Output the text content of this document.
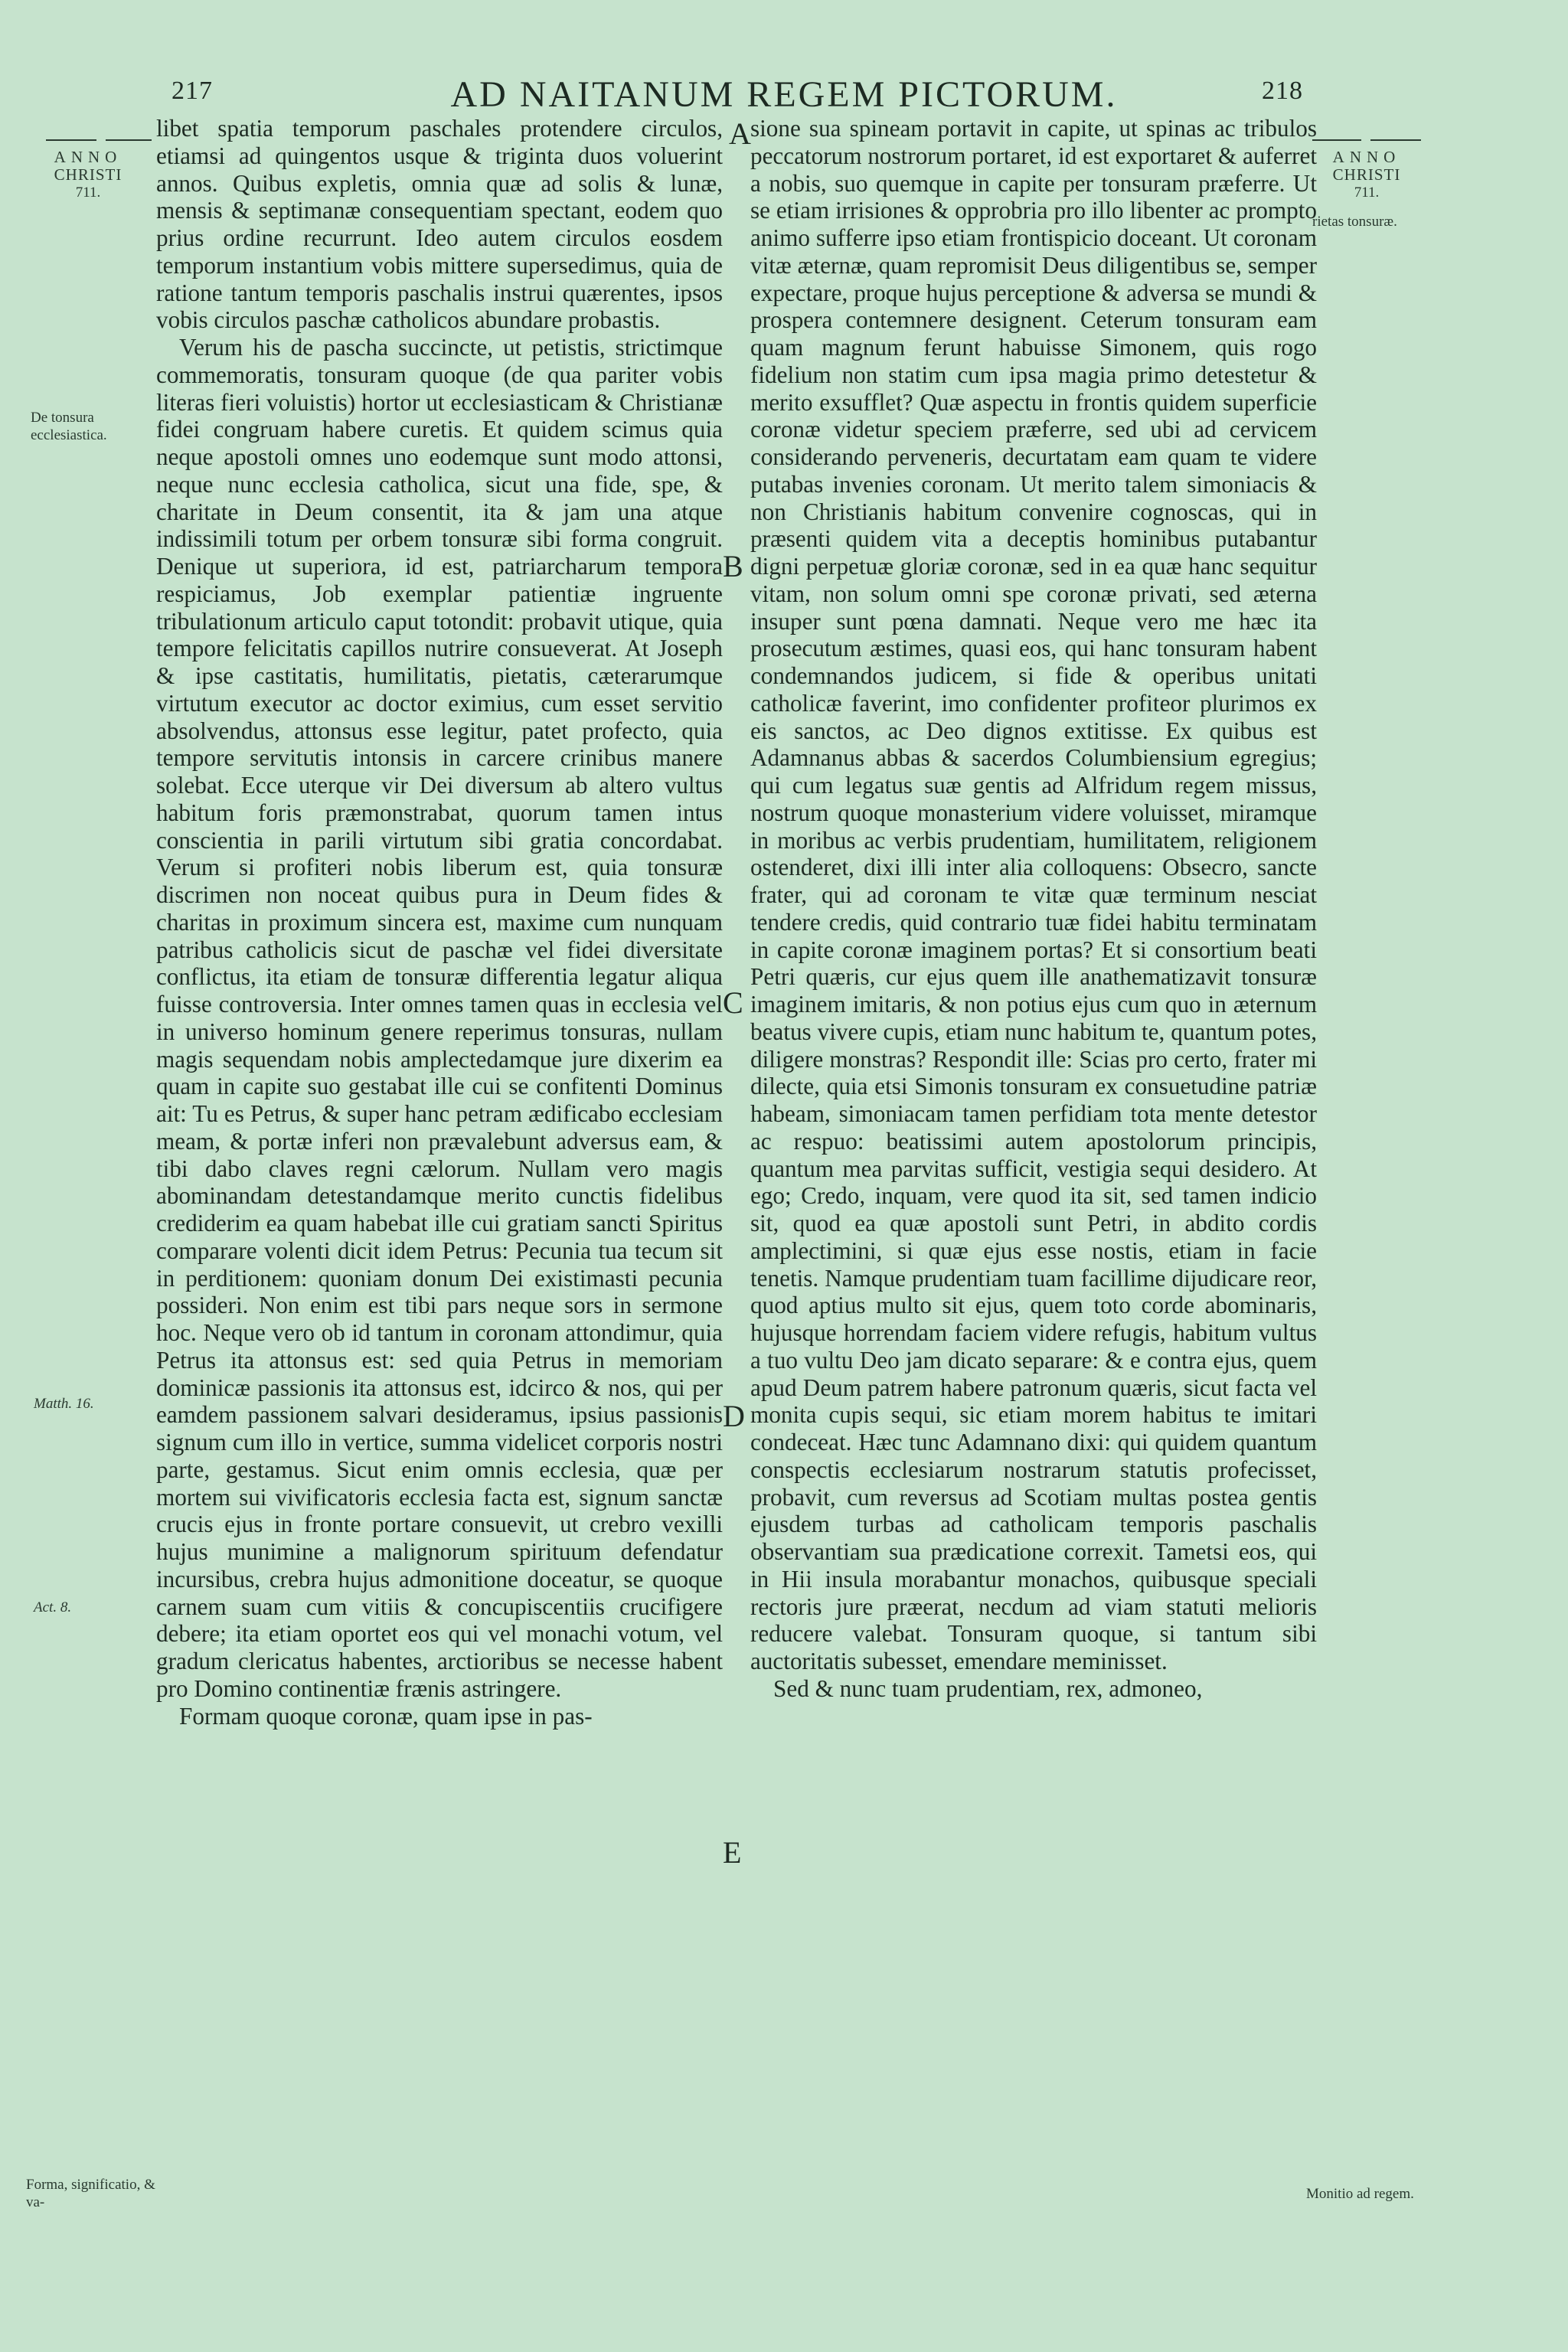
217	AD NAITANUM REGEM PICTORUM.	218
ANNO
CHRISTI
711.
De tonsura ecclesiastica.
Matth. 16.
Act. 8.
Forma, significatio, & va-
ANNO
CHRISTI
711.
rietas tonsuræ.
Monitio ad regem.
A
B
C
D
E

libet spatia temporum paschales protendere circulos, etiamsi ad quingentos usque & triginta duos voluerint annos. Quibus expletis, omnia quæ ad solis & lunæ, mensis & septimanæ consequentiam spectant, eodem quo prius ordine recurrunt. Ideo autem circulos eosdem temporum instantium vobis mittere supersedimus, quia de ratione tantum temporis paschalis instrui quærentes, ipsos vobis circulos paschæ catholicos abundare probastis.

Verum his de pascha succincte, ut petistis, strictimque commemoratis, tonsuram quoque (de qua pariter vobis literas fieri voluistis) hortor ut ecclesiasticam & Christianæ fidei congruam habere curetis. Et quidem scimus quia neque apostoli omnes uno eodemque sunt modo attonsi, neque nunc ecclesia catholica, sicut una fide, spe, & charitate in Deum consentit, ita & jam una atque indissimili totum per orbem tonsuræ sibi forma congruit. Denique ut superiora, id est, patriarcharum tempora respiciamus, Job exemplar patientiæ ingruente tribulationum articulo caput totondit: probavit utique, quia tempore felicitatis capillos nutrire consueverat. At Joseph & ipse castitatis, humilitatis, pietatis, cæterarumque virtutum executor ac doctor eximius, cum esset servitio absolvendus, attonsus esse legitur, patet profecto, quia tempore servitutis intonsis in carcere crinibus manere solebat. Ecce uterque vir Dei diversum ab altero vultus habitum foris præmonstrabat, quorum tamen intus conscientia in parili virtutum sibi gratia concordabat. Verum si profiteri nobis liberum est, quia tonsuræ discrimen non noceat quibus pura in Deum fides & charitas in proximum sincera est, maxime cum nunquam patribus catholicis sicut de paschæ vel fidei diversitate conflictus, ita etiam de tonsuræ differentia legatur aliqua fuisse controversia. Inter omnes tamen quas in ecclesia vel in universo hominum genere reperimus tonsuras, nullam magis sequendam nobis amplectedamque jure dixerim ea quam in capite suo gestabat ille cui se confitenti Dominus ait: Tu es Petrus, & super hanc petram ædificabo ecclesiam meam, & portæ inferi non prævalebunt adversus eam, & tibi dabo claves regni cælorum. Nullam vero magis abominandam detestandamque merito cunctis fidelibus crediderim ea quam habebat ille cui gratiam sancti Spiritus comparare volenti dicit idem Petrus: Pecunia tua tecum sit in perditionem: quoniam donum Dei existimasti pecunia possideri. Non enim est tibi pars neque sors in sermone hoc. Neque vero ob id tantum in coronam attondimur, quia Petrus ita attonsus est: sed quia Petrus in memoriam dominicæ passionis ita attonsus est, idcirco & nos, qui per eamdem passionem salvari desideramus, ipsius passionis signum cum illo in vertice, summa videlicet corporis nostri parte, gestamus. Sicut enim omnis ecclesia, quæ per mortem sui vivificatoris ecclesia facta est, signum sanctæ crucis ejus in fronte portare consuevit, ut crebro vexilli hujus munimine a malignorum spirituum defendatur incursibus, crebra hujus admonitione doceatur, se quoque carnem suam cum vitiis & concupiscentiis crucifigere debere; ita etiam oportet eos qui vel monachi votum, vel gradum clericatus habentes, arctioribus se necesse habent pro Domino continentiæ frænis astringere.

Formam quoque coronæ, quam ipse in pas-

sione sua spineam portavit in capite, ut spinas ac tribulos peccatorum nostrorum portaret, id est exportaret & auferret a nobis, suo quemque in capite per tonsuram præferre. Ut se etiam irrisiones & opprobria pro illo libenter ac prompto animo sufferre ipso etiam frontispicio doceant. Ut coronam vitæ æternæ, quam repromisit Deus diligentibus se, semper expectare, proque hujus perceptione & adversa se mundi & prospera contemnere designent. Ceterum tonsuram eam quam magnum ferunt habuisse Simonem, quis rogo fidelium non statim cum ipsa magia primo detestetur & merito exsufflet? Quæ aspectu in frontis quidem superficie coronæ videtur speciem præferre, sed ubi ad cervicem considerando perveneris, decurtatam eam quam te videre putabas invenies coronam. Ut merito talem simoniacis & non Christianis habitum convenire cognoscas, qui in præsenti quidem vita a deceptis hominibus putabantur digni perpetuæ gloriæ coronæ, sed in ea quæ hanc sequitur vitam, non solum omni spe coronæ privati, sed æterna insuper sunt pœna damnati. Neque vero me hæc ita prosecutum æstimes, quasi eos, qui hanc tonsuram habent condemnandos judicem, si fide & operibus unitati catholicæ faverint, imo confidenter profiteor plurimos ex eis sanctos, ac Deo dignos extitisse. Ex quibus est Adamnanus abbas & sacerdos Columbiensium egregius; qui cum legatus suæ gentis ad Alfridum regem missus, nostrum quoque monasterium videre voluisset, miramque in moribus ac verbis prudentiam, humilitatem, religionem ostenderet, dixi illi inter alia colloquens: Obsecro, sancte frater, qui ad coronam te vitæ quæ terminum nesciat tendere credis, quid contrario tuæ fidei habitu terminatam in capite coronæ imaginem portas? Et si consortium beati Petri quæris, cur ejus quem ille anathematizavit tonsuræ imaginem imitaris, & non potius ejus cum quo in æternum beatus vivere cupis, etiam nunc habitum te, quantum potes, diligere monstras? Respondit ille: Scias pro certo, frater mi dilecte, quia etsi Simonis tonsuram ex consuetudine patriæ habeam, simoniacam tamen perfidiam tota mente detestor ac respuo: beatissimi autem apostolorum principis, quantum mea parvitas sufficit, vestigia sequi desidero. At ego; Credo, inquam, vere quod ita sit, sed tamen indicio sit, quod ea quæ apostoli sunt Petri, in abdito cordis amplectimini, si quæ ejus esse nostis, etiam in facie tenetis. Namque prudentiam tuam facillime dijudicare reor, quod aptius multo sit ejus, quem toto corde abominaris, hujusque horrendam faciem videre refugis, habitum vultus a tuo vultu Deo jam dicato separare: & e contra ejus, quem apud Deum patrem habere patronum quæris, sicut facta vel monita cupis sequi, sic etiam morem habitus te imitari condeceat. Hæc tunc Adamnano dixi: qui quidem quantum conspectis ecclesiarum nostrarum statutis profecisset, probavit, cum reversus ad Scotiam multas postea gentis ejusdem turbas ad catholicam temporis paschalis observantiam sua prædicatione correxit. Tametsi eos, qui in Hii insula morabantur monachos, quibusque speciali rectoris jure præerat, necdum ad viam statuti melioris reducere valebat. Tonsuram quoque, si tantum sibi auctoritatis subesset, emendare meminisset.

Sed & nunc tuam prudentiam, rex, admoneo,
